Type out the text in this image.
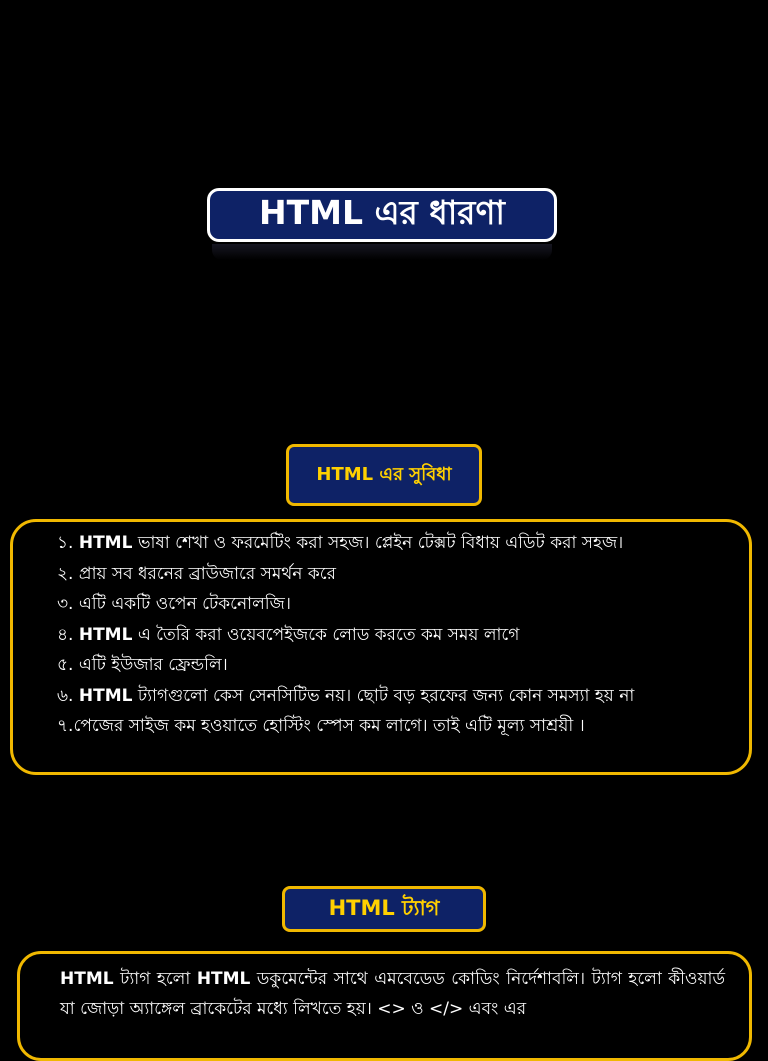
HTML এর ধারণা
HTML এর সুবিধা
১. HTML ভাষা শেখা ও ফরমেটিং করা সহজ। প্লেইন টেক্সট বিধায় এডিট করা সহজ।
২. প্রায় সব ধরনের ব্রাউজারে সমর্থন করে
৩. এটি একটি ওপেন টেকনোলজি।
৪. HTML এ তৈরি করা ওয়েবপেইজকে লোড করতে কম সময় লাগে
৫. এটি ইউজার ফ্রেন্ডলি।
৬. HTML ট্যাগগুলো কেস সেনসিটিভ নয়। ছোট বড় হরফের জন্য কোন সমস্যা হয় না
৭.পেজের সাইজ কম হওয়াতে হোস্টিং স্পেস কম লাগে। তাই এটি মূল্য সাশ্রয়ী ।
HTML ট্যাগ

HTML ট্যাগ হলো HTML ডকুমেন্টের সাথে এমবেডেড কোডিং নির্দেশাবলি। ট্যাগ হলো কীওয়ার্ড যা জোড়া অ্যাঙ্গেল ব্রাকেটের মধ্যে লিখতে হয়। <> ও </> এবং এর
